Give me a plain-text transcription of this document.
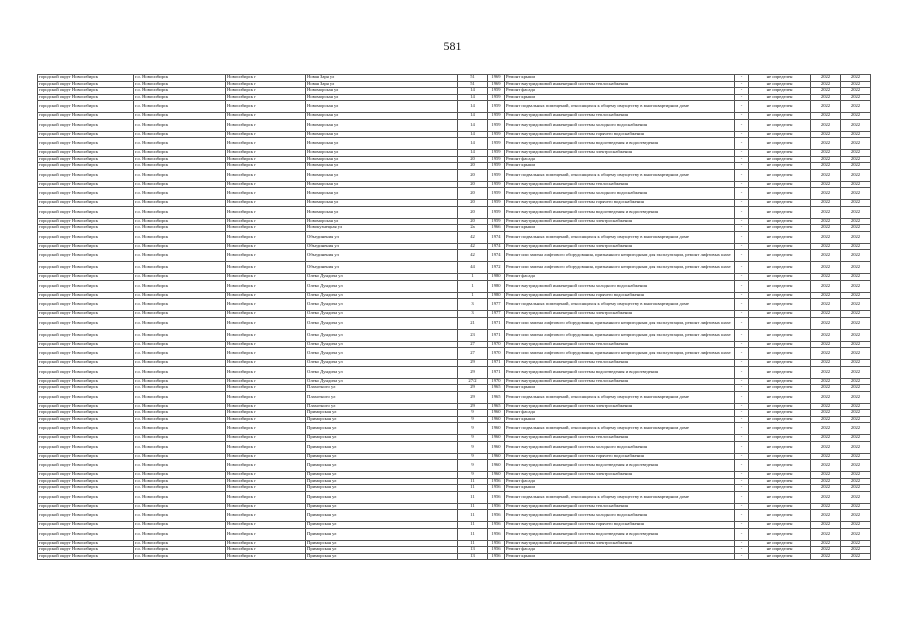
581
городской округ Новосибирск	г.о. Новосибирск	Новосибирск г	Новая Заря ул	51	1969	Ремонт крыши	-	не определен	2022	2022
городской округ Новосибирск	г.о. Новосибирск	Новосибирск г	Новая Заря ул	51	1969	Ремонт внутридомовой инженерной системы теплоснабжения	-	не определен	2022	2022
городской округ Новосибирск	г.о. Новосибирск	Новосибирск г	Новоморская ул	14	1959	Ремонт фасада	-	не определен	2022	2022
городской округ Новосибирск	г.о. Новосибирск	Новосибирск г	Новоморская ул	14	1959	Ремонт крыши	-	не определен	2022	2022
городской округ Новосибирск	г.о. Новосибирск	Новосибирск г	Новоморская ул	14	1959	Ремонт подвальных помещений, относящихся к общему имуществу в многоквартирном доме	-	не определен	2022	2022
городской округ Новосибирск	г.о. Новосибирск	Новосибирск г	Новоморская ул	14	1959	Ремонт внутридомовой инженерной системы теплоснабжения	-	не определен	2022	2022
городской округ Новосибирск	г.о. Новосибирск	Новосибирск г	Новоморская ул	14	1959	Ремонт внутридомовой инженерной системы холодного водоснабжения	-	не определен	2022	2022
городской округ Новосибирск	г.о. Новосибирск	Новосибирск г	Новоморская ул	14	1959	Ремонт внутридомовой инженерной системы горячего водоснабжения	-	не определен	2022	2022
городской округ Новосибирск	г.о. Новосибирск	Новосибирск г	Новоморская ул	14	1959	Ремонт внутридомовой инженерной системы водоотведения и водоотведения	-	не определен	2022	2022
городской округ Новосибирск	г.о. Новосибирск	Новосибирск г	Новоморская ул	14	1959	Ремонт внутридомовой инженерной системы электроснабжения	-	не определен	2022	2022
городской округ Новосибирск	г.о. Новосибирск	Новосибирск г	Новоморская ул	20	1959	Ремонт фасада	-	не определен	2022	2022
городской округ Новосибирск	г.о. Новосибирск	Новосибирск г	Новоморская ул	20	1959	Ремонт крыши	-	не определен	2022	2022
городской округ Новосибирск	г.о. Новосибирск	Новосибирск г	Новоморская ул	20	1959	Ремонт подвальных помещений, относящихся к общему имуществу в многоквартирном доме	-	не определен	2022	2022
городской округ Новосибирск	г.о. Новосибирск	Новосибирск г	Новоморская ул	20	1959	Ремонт внутридомовой инженерной системы теплоснабжения	-	не определен	2022	2022
городской округ Новосибирск	г.о. Новосибирск	Новосибирск г	Новоморская ул	20	1959	Ремонт внутридомовой инженерной системы холодного водоснабжения	-	не определен	2022	2022
городской округ Новосибирск	г.о. Новосибирск	Новосибирск г	Новоморская ул	20	1959	Ремонт внутридомовой инженерной системы горячего водоснабжения	-	не определен	2022	2022
городской округ Новосибирск	г.о. Новосибирск	Новосибирск г	Новоморская ул	20	1959	Ремонт внутридомовой инженерной системы водоотведения и водоотведения	-	не определен	2022	2022
городской округ Новосибирск	г.о. Новосибирск	Новосибирск г	Новоморская ул	20	1959	Ремонт внутридомовой инженерной системы электроснабжения	-	не определен	2022	2022
городской округ Новосибирск	г.о. Новосибирск	Новосибирск г	Новокузнецкая ул	2а	1966	Ремонт крыши	-	не определен	2022	2022
городской округ Новосибирск	г.о. Новосибирск	Новосибирск г	Объединения ул	42	1974	Ремонт подвальных помещений, относящихся к общему имуществу в многоквартирном доме	-	не определен	2022	2022
городской округ Новосибирск	г.о. Новосибирск	Новосибирск г	Объединения ул	42	1974	Ремонт внутридомовой инженерной системы электроснабжения	-	не определен	2022	2022
городской округ Новосибирск	г.о. Новосибирск	Новосибирск г	Объединения ул	42	1974	Ремонт или замена лифтового оборудования, признанного непригодным для эксплуатации, ремонт лифтовых шахт	-	не определен	2022	2022
городской округ Новосибирск	г.о. Новосибирск	Новосибирск г	Объединения ул	44	1972	Ремонт или замена лифтового оборудования, признанного непригодным для эксплуатации, ремонт лифтовых шахт	-	не определен	2022	2022
городской округ Новосибирск	г.о. Новосибирск	Новосибирск г	Олеко Дундича ул	1	1980	Ремонт фасада	-	не определен	2022	2022
городской округ Новосибирск	г.о. Новосибирск	Новосибирск г	Олеко Дундича ул	1	1980	Ремонт внутридомовой инженерной системы холодного водоснабжения	-	не определен	2022	2022
городской округ Новосибирск	г.о. Новосибирск	Новосибирск г	Олеко Дундича ул	1	1980	Ремонт внутридомовой инженерной системы горячего водоснабжения	-	не определен	2022	2022
городской округ Новосибирск	г.о. Новосибирск	Новосибирск г	Олеко Дундича ул	3	1977	Ремонт подвальных помещений, относящихся к общему имуществу в многоквартирном доме	-	не определен	2022	2022
городской округ Новосибирск	г.о. Новосибирск	Новосибирск г	Олеко Дундича ул	3	1977	Ремонт внутридомовой инженерной системы электроснабжения	-	не определен	2022	2022
городской округ Новосибирск	г.о. Новосибирск	Новосибирск г	Олеко Дундича ул	21	1971	Ремонт или замена лифтового оборудования, признанного непригодным для эксплуатации, ремонт лифтовых шахт	-	не определен	2022	2022
городской округ Новосибирск	г.о. Новосибирск	Новосибирск г	Олеко Дундича ул	23	1971	Ремонт или замена лифтового оборудования, признанного непригодным для эксплуатации, ремонт лифтовых шахт	-	не определен	2022	2022
городской округ Новосибирск	г.о. Новосибирск	Новосибирск г	Олеко Дундича ул	27	1970	Ремонт внутридомовой инженерной системы теплоснабжения	-	не определен	2022	2022
городской округ Новосибирск	г.о. Новосибирск	Новосибирск г	Олеко Дундича ул	27	1970	Ремонт или замена лифтового оборудования, признанного непригодным для эксплуатации, ремонт лифтовых шахт	-	не определен	2022	2022
городской округ Новосибирск	г.о. Новосибирск	Новосибирск г	Олеко Дундича ул	29	1971	Ремонт внутридомовой инженерной системы теплоснабжения	-	не определен	2022	2022
городской округ Новосибирск	г.о. Новосибирск	Новосибирск г	Олеко Дундича ул	29	1971	Ремонт внутридомовой инженерной системы водоотведения и водоотведения	-	не определен	2022	2022
городской округ Новосибирск	г.о. Новосибирск	Новосибирск г	Олеко Дундича ул	27/2	1970	Ремонт внутридомовой инженерной системы теплоснабжения	-	не определен	2022	2022
городской округ Новосибирск	г.о. Новосибирск	Новосибирск г	Плахотного ул	29	1965	Ремонт крыши	-	не определен	2022	2022
городской округ Новосибирск	г.о. Новосибирск	Новосибирск г	Плахотного ул	29	1965	Ремонт подвальных помещений, относящихся к общему имуществу в многоквартирном доме	-	не определен	2022	2022
городской округ Новосибирск	г.о. Новосибирск	Новосибирск г	Плахотного ул	29	1965	Ремонт внутридомовой инженерной системы электроснабжения	-	не определен	2022	2022
городской округ Новосибирск	г.о. Новосибирск	Новосибирск г	Приморская ул	9	1960	Ремонт фасада	-	не определен	2022	2022
городской округ Новосибирск	г.о. Новосибирск	Новосибирск г	Приморская ул	9	1960	Ремонт крыши	-	не определен	2022	2022
городской округ Новосибирск	г.о. Новосибирск	Новосибирск г	Приморская ул	9	1960	Ремонт подвальных помещений, относящихся к общему имуществу в многоквартирном доме	-	не определен	2022	2022
городской округ Новосибирск	г.о. Новосибирск	Новосибирск г	Приморская ул	9	1960	Ремонт внутридомовой инженерной системы теплоснабжения	-	не определен	2022	2022
городской округ Новосибирск	г.о. Новосибирск	Новосибирск г	Приморская ул	9	1960	Ремонт внутридомовой инженерной системы холодного водоснабжения	-	не определен	2022	2022
городской округ Новосибирск	г.о. Новосибирск	Новосибирск г	Приморская ул	9	1960	Ремонт внутридомовой инженерной системы горячего водоснабжения	-	не определен	2022	2022
городской округ Новосибирск	г.о. Новосибирск	Новосибирск г	Приморская ул	9	1960	Ремонт внутридомовой инженерной системы водоотведения и водоотведения	-	не определен	2022	2022
городской округ Новосибирск	г.о. Новосибирск	Новосибирск г	Приморская ул	9	1960	Ремонт внутридомовой инженерной системы электроснабжения	-	не определен	2022	2022
городской округ Новосибирск	г.о. Новосибирск	Новосибирск г	Приморская ул	11	1956	Ремонт фасада	-	не определен	2022	2022
городской округ Новосибирск	г.о. Новосибирск	Новосибирск г	Приморская ул	11	1956	Ремонт крыши	-	не определен	2022	2022
городской округ Новосибирск	г.о. Новосибирск	Новосибирск г	Приморская ул	11	1956	Ремонт подвальных помещений, относящихся к общему имуществу в многоквартирном доме	-	не определен	2022	2022
городской округ Новосибирск	г.о. Новосибирск	Новосибирск г	Приморская ул	11	1956	Ремонт внутридомовой инженерной системы теплоснабжения	-	не определен	2022	2022
городской округ Новосибирск	г.о. Новосибирск	Новосибирск г	Приморская ул	11	1956	Ремонт внутридомовой инженерной системы холодного водоснабжения	-	не определен	2022	2022
городской округ Новосибирск	г.о. Новосибирск	Новосибирск г	Приморская ул	11	1956	Ремонт внутридомовой инженерной системы горячего водоснабжения	-	не определен	2022	2022
городской округ Новосибирск	г.о. Новосибирск	Новосибирск г	Приморская ул	11	1956	Ремонт внутридомовой инженерной системы водоотведения и водоотведения	-	не определен	2022	2022
городской округ Новосибирск	г.о. Новосибирск	Новосибирск г	Приморская ул	11	1956	Ремонт внутридомовой инженерной системы электроснабжения	-	не определен	2022	2022
городской округ Новосибирск	г.о. Новосибирск	Новосибирск г	Приморская ул	13	1956	Ремонт фасада	-	не определен	2022	2022
городской округ Новосибирск	г.о. Новосибирск	Новосибирск г	Приморская ул	13	1956	Ремонт крыши	-	не определен	2022	2022
